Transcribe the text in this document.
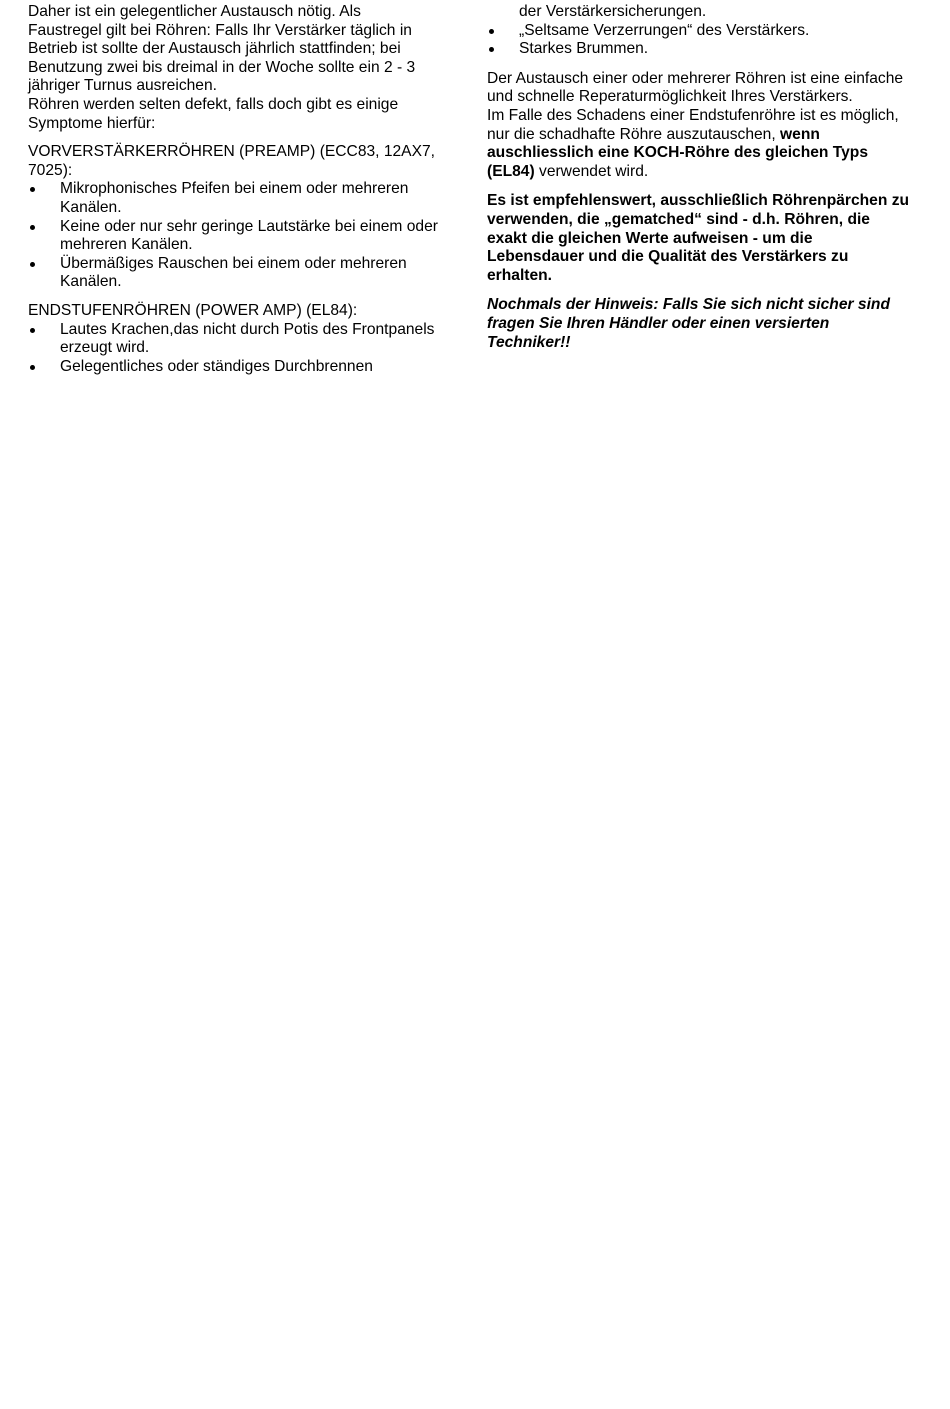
Daher ist ein gelegentlicher Austausch nötig. Als Faustregel gilt bei Röhren: Falls Ihr Verstärker täglich in Betrieb ist sollte der Austausch jährlich stattfinden; bei Benutzung zwei bis dreimal in der Woche sollte ein 2 - 3 jähriger Turnus ausreichen.

Röhren werden selten defekt, falls doch gibt es einige Symptome hierfür:

VORVERSTÄRKERRÖHREN (PREAMP) (ECC83, 12AX7, 7025):

Mikrophonisches Pfeifen bei einem oder mehreren Kanälen.
Keine oder nur sehr geringe Lautstärke bei einem oder mehreren Kanälen.
Übermäßiges Rauschen bei einem oder mehreren Kanälen.

ENDSTUFENRÖHREN (POWER AMP) (EL84):

Lautes Krachen,das nicht durch Potis des Frontpanels erzeugt wird.
Gelegentliches oder ständiges Durchbrennen

der Verstärkersicherungen.

„Seltsame Verzerrungen“ des Verstärkers.
Starkes Brummen.

Der Austausch einer oder mehrerer Röhren ist eine einfache und schnelle Reperaturmöglichkeit Ihres Verstärkers.

Im Falle des Schadens einer Endstufenröhre ist es möglich, nur die schadhafte Röhre auszutauschen, wenn auschliesslich eine KOCH-Röhre des gleichen Typs (EL84) verwendet wird.

Es ist empfehlenswert, ausschließlich Röhrenpärchen zu verwenden, die „gematched“ sind - d.h. Röhren, die exakt die gleichen Werte aufweisen - um die Lebensdauer und die Qualität des Verstärkers zu erhalten.

Nochmals der Hinweis: Falls Sie sich nicht sicher sind fragen Sie Ihren Händler oder einen versierten Techniker!!
